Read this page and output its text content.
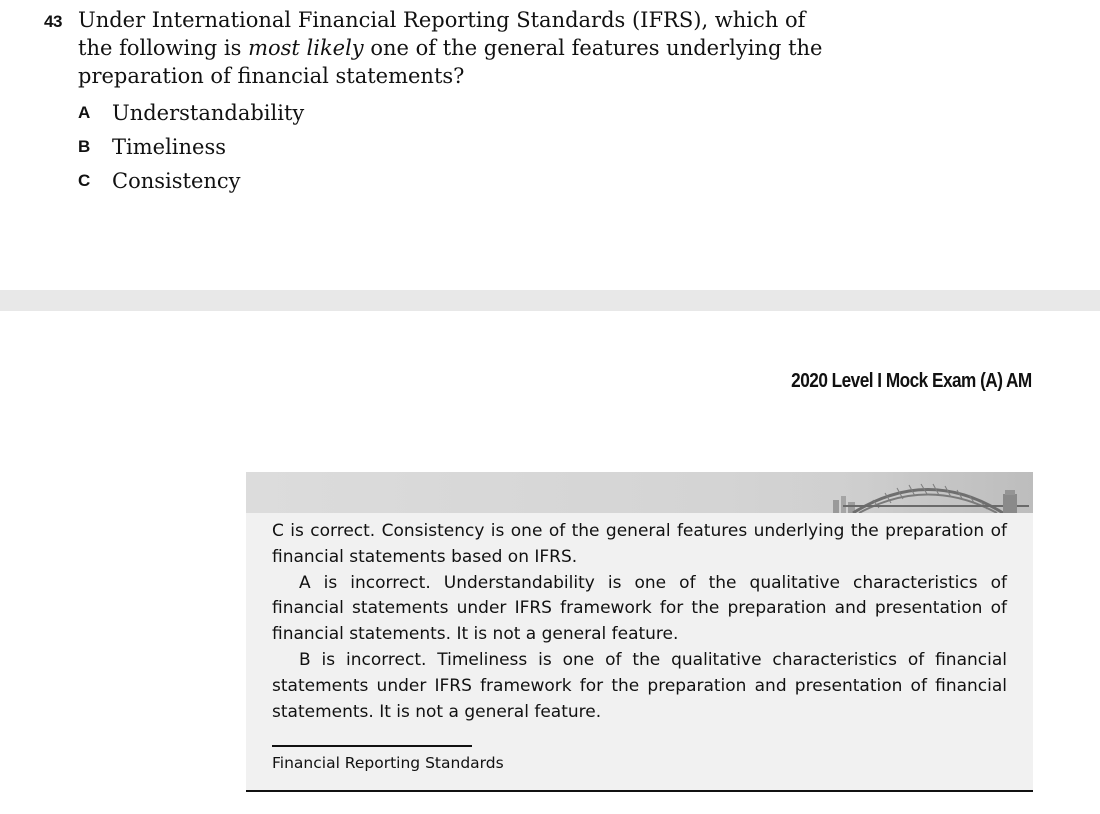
43 Under International Financial Reporting Standards (IFRS), which of the following is most likely one of the general features underlying the preparation of financial statements?
A	Understandability
B	Timeliness
C	Consistency
2020 Level I Mock Exam (A) AM

C is correct. Consistency is one of the general features underlying the preparation of financial statements based on IFRS.

A is incorrect. Understandability is one of the qualitative characteristics of financial statements under IFRS framework for the preparation and presentation of financial statements. It is not a general feature.

B is incorrect. Timeliness is one of the qualitative characteristics of financial statements under IFRS framework for the preparation and presentation of financial statements. It is not a general feature.

Financial Reporting Standards
